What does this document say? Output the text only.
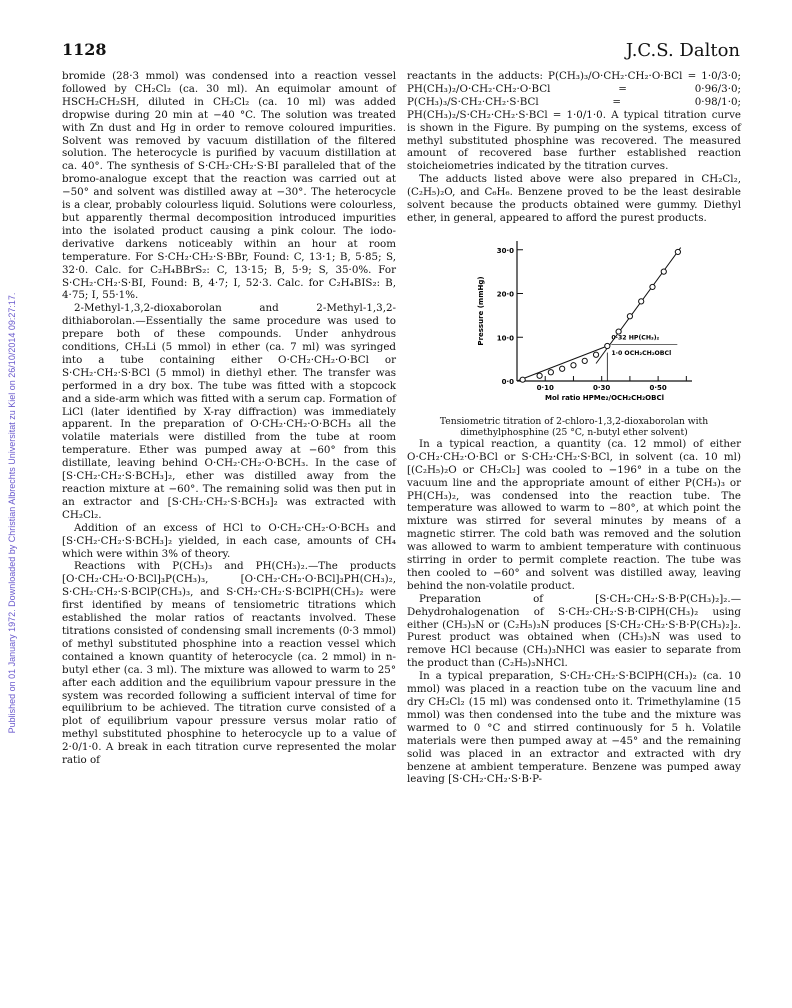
1128	J.C.S. Dalton
Published on 01 January 1972. Downloaded by Christian Albrechts Universitat zu Kiel on 26/10/2014 09:27:17.

bromide (28·3 mmol) was condensed into a reaction vessel followed by CH₂Cl₂ (ca. 30 ml). An equimolar amount of HSCH₂CH₂SH, diluted in CH₂Cl₂ (ca. 10 ml) was added dropwise during 20 min at −40 °C. The solution was treated with Zn dust and Hg in order to remove coloured impurities. Solvent was removed by vacuum distillation of the filtered solution. The heterocycle is purified by vacuum distillation at ca. 40°. The synthesis of S·CH₂·CH₂·S·BI paralleled that of the bromo-analogue except that the reaction was carried out at −50° and solvent was distilled away at −30°. The heterocycle is a clear, probably colourless liquid. Solutions were colourless, but apparently thermal decomposition introduced impurities into the isolated product causing a pink colour. The iodo-derivative darkens noticeably within an hour at room temperature. For S·CH₂·CH₂·S·BBr, Found: C, 13·1; B, 5·85; S, 32·0. Calc. for C₂H₄BBrS₂: C, 13·15; B, 5·9; S, 35·0%. For S·CH₂·CH₂·S·BI, Found: B, 4·7; I, 52·3. Calc. for C₂H₄BIS₂: B, 4·75; I, 55·1%.

2-Methyl-1,3,2-dioxaborolan and 2-Methyl-1,3,2-dithiaborolan.—Essentially the same procedure was used to prepare both of these compounds. Under anhydrous conditions, CH₃Li (5 mmol) in ether (ca. 7 ml) was syringed into a tube containing either O·CH₂·CH₂·O·BCl or S·CH₂·CH₂·S·BCl (5 mmol) in diethyl ether. The transfer was performed in a dry box. The tube was fitted with a stopcock and a side-arm which was fitted with a serum cap. Formation of LiCl (later identified by X-ray diffraction) was immediately apparent. In the preparation of O·CH₂·CH₂·O·BCH₃ all the volatile materials were distilled from the tube at room temperature. Ether was pumped away at −60° from this distillate, leaving behind O·CH₂·CH₂·O·BCH₃. In the case of [S·CH₂·CH₂·S·BCH₃]₂, ether was distilled away from the reaction mixture at −60°. The remaining solid was then put in an extractor and [S·CH₂·CH₂·S·BCH₃]₂ was extracted with CH₂Cl₂.

Addition of an excess of HCl to O·CH₂·CH₂·O·BCH₃ and [S·CH₂·CH₂·S·BCH₃]₂ yielded, in each case, amounts of CH₄ which were within 3% of theory.

Reactions with P(CH₃)₃ and PH(CH₃)₂.—The products [O·CH₂·CH₂·O·BCl]₃P(CH₃)₃, [O·CH₂·CH₂·O·BCl]₃PH(CH₃)₂, S·CH₂·CH₂·S·BClP(CH₃)₃, and S·CH₂·CH₂·S·BClPH(CH₃)₂ were first identified by means of tensiometric titrations which established the molar ratios of reactants involved. These titrations consisted of condensing small increments (0·3 mmol) of methyl substituted phosphine into a reaction vessel which contained a known quantity of heterocycle (ca. 2 mmol) in n-butyl ether (ca. 3 ml). The mixture was allowed to warm to 25° after each addition and the equilibrium vapour pressure in the system was recorded following a sufficient interval of time for equilibrium to be achieved. The titration curve consisted of a plot of equilibrium vapour pressure versus molar ratio of methyl substituted phosphine to heterocycle up to a value of 2·0/1·0. A break in each titration curve represented the molar ratio of

reactants in the adducts: P(CH₃)₃/O·CH₂·CH₂·O·BCl = 1·0/3·0; PH(CH₃)₂/O·CH₂·CH₂·O·BCl = 0·96/3·0; P(CH₃)₃/S·CH₂·CH₂·S·BCl = 0·98/1·0; PH(CH₃)₂/S·CH₂·CH₂·S·BCl = 1·0/1·0. A typical titration curve is shown in the Figure. By pumping on the systems, excess of methyl substituted phosphine was recovered. The measured amount of recovered base further established reaction stoicheiometries indicated by the titration curves.

The adducts listed above were also prepared in CH₂Cl₂, (C₂H₅)₂O, and C₆H₆. Benzene proved to be the least desirable solvent because the products obtained were gummy. Diethyl ether, in general, appeared to afford the purest products.

0·0
10·0
20·0
30·0
0·10	0·30	0·50
Mol ratio HPMe₂/OCH₂CH₂OBCl
Pressure (mmHg)	0·32 HP(CH₃)₂
1·0 OCH₂CH₂OBCl

Tensiometric titration of 2-chloro-1,3,2-dioxaborolan with dimethylphosphine (25 °C, n-butyl ether solvent)

In a typical reaction, a quantity (ca. 12 mmol) of either O·CH₂·CH₂·O·BCl or S·CH₂·CH₂·S·BCl, in solvent (ca. 10 ml) [(C₂H₅)₂O or CH₂Cl₂] was cooled to −196° in a tube on the vacuum line and the appropriate amount of either P(CH₃)₃ or PH(CH₃)₂, was condensed into the reaction tube. The temperature was allowed to warm to −80°, at which point the mixture was stirred for several minutes by means of a magnetic stirrer. The cold bath was removed and the solution was allowed to warm to ambient temperature with continuous stirring in order to permit complete reaction. The tube was then cooled to −60° and solvent was distilled away, leaving behind the non-volatile product.

Preparation of [S·CH₂·CH₂·S·B·P(CH₃)₂]₂.—Dehydrohalogenation of S·CH₂·CH₂·S·B·ClPH(CH₃)₂ using either (CH₃)₃N or (C₂H₅)₃N produces [S·CH₂·CH₂·S·B·P(CH₃)₂]₂. Purest product was obtained when (CH₃)₃N was used to remove HCl because (CH₃)₃NHCl was easier to separate from the product than (C₂H₅)₃NHCl.

In a typical preparation, S·CH₂·CH₂·S·BClPH(CH₃)₂ (ca. 10 mmol) was placed in a reaction tube on the vacuum line and dry CH₂Cl₂ (15 ml) was condensed onto it. Trimethylamine (15 mmol) was then condensed into the tube and the mixture was warmed to 0 °C and stirred continuously for 5 h. Volatile materials were then pumped away at −45° and the remaining solid was placed in an extractor and extracted with dry benzene at ambient temperature. Benzene was pumped away leaving [S·CH₂·CH₂·S·B·P-
